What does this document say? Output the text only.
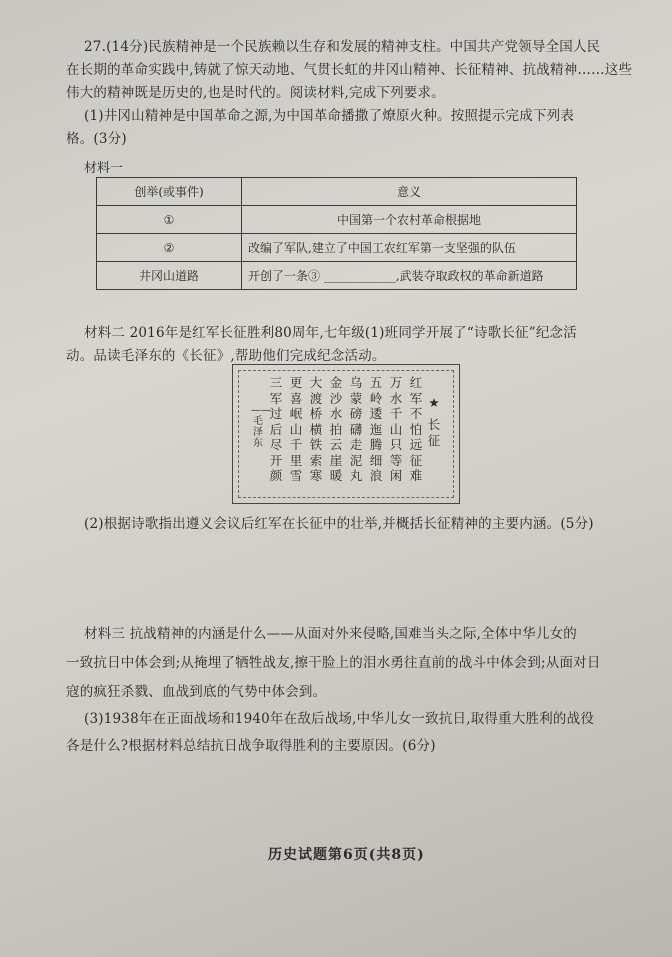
27.(14分)民族精神是一个民族赖以生存和发展的精神支柱。中国共产党领导全国人民
在长期的革命实践中,铸就了惊天动地、气贯长虹的井冈山精神、长征精神、抗战精神……这些
伟大的精神既是历史的,也是时代的。阅读材料,完成下列要求。
(1)井冈山精神是中国革命之源,为中国革命播撒了燎原火种。按照提示完成下列表
格。(3分)
材料一
创举(或事件)	意义
①	中国第一个农村革命根据地
②	改编了军队,建立了中国工农红军第一支坚强的队伍
井冈山道路	开创了一条③ ____________,武装夺取政权的革命新道路
材料二 2016年是红军长征胜利80周年,七年级(1)班同学开展了“诗歌长征”纪念活
动。品读毛泽东的《长征》,帮助他们完成纪念活动。
★
长征
红军不怕远征难
万水千山只等闲
五岭逶迤腾细浪
乌蒙磅礴走泥丸
金沙水拍云崖暖
大渡桥横铁索寒
更喜岷山千里雪
三军过后尽开颜
——毛泽东
(2)根据诗歌指出遵义会议后红军在长征中的壮举,并概括长征精神的主要内涵。(5分)
材料三 抗战精神的内涵是什么——从面对外来侵略,国难当头之际,全体中华儿女的
一致抗日中体会到;从掩埋了牺牲战友,擦干脸上的泪水勇往直前的战斗中体会到;从面对日
寇的疯狂杀戮、血战到底的气势中体会到。
(3)1938年在正面战场和1940年在敌后战场,中华儿女一致抗日,取得重大胜利的战役
各是什么?根据材料总结抗日战争取得胜利的主要原因。(6分)
历史试题第6页(共8页)
